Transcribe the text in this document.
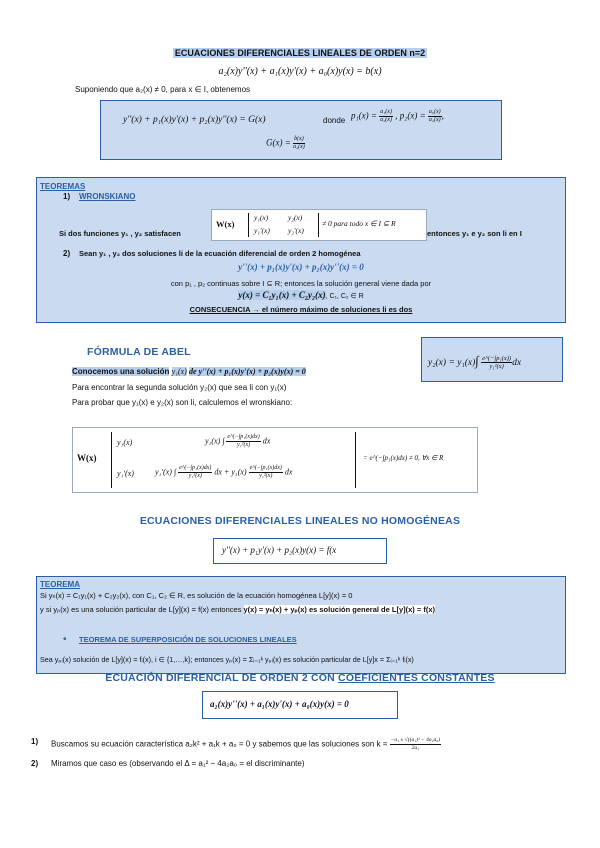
ECUACIONES DIFERENCIALES LINEALES DE ORDEN n=2
a₂(x)y''(x) + a₁(x)y'(x) + a₀(x)y(x) = b(x)
Suponiendo que a₂(x) ≠ 0, para x ∈ I, obtenemos
y''(x) + p₁(x)y'(x) + p₂(x)y''(x) = G(x)	donde $p_1(x) = \frac{\text{a₁(x)}}{\text{a₂(x)}}$ , $p_2(x) = \frac{\text{a₀(x)}}{\text{a₂(x)}}$ ,
$G(x) = \frac{b(x)}{\text{a₂(x)}}$
TEOREMAS
1) WRONSKIANO
Si dos funciones y₁ , y₂ satisfacen
W(x)
y₁(x)	y₂(x)
y₁'(x) y₂'(x)
≠ 0 para todo x ∈ I ⊆ R
entonces y₁ e y₂ son li en I
2) Sean y₁ , y₂ dos soluciones li de la ecuación diferencial de orden 2 homogénea
y''(x) + p₁(x)y'(x) + p₂(x)y''(x) = 0
con p₁ , p₂ continuas sobre I ⊆ R; entonces la solución general viene dada por
y(x) = C₁y₁(x) + C₂y₂(x), C₁, C₂ ∈ R
CONSECUENCIA → el número máximo de soluciones li es dos
FÓRMULA DE ABEL
Conocemos una solución y₁(x) de y''(x) + p₁(x)y'(x) + p₂(x)y(x) = 0
Para encontrar la segunda solución y₂(x) que sea li con y₁(x)
Para probar que y₁(x) e y₂(x) son li, calculemos el wronskiano:
$y_2(x) = y_1(x)\int \frac{\text{e\textasciicircum{}(−∫p₁(x))}}{\text{y₁²(x)}}$ dx
W(x)
y₁(x)	y₁(x) ∫ $\frac{\text{e\textasciicircum{}(−∫p₁(x)dx)}}{\text{y₁²(x)}}$ dx
y₁'(x)	y₁'(x) ∫ $\frac{\text{e\textasciicircum{}(−∫p₁(x)dx)}}{\text{y₁²(x)}}$ dx + $y_1(x) \frac{\text{e\textasciicircum{}(−∫p₁(x)dx)}}{\text{y₁²(x)}}$ dx
= e^(−∫p₁(x)dx) ≠ 0, ∀x ∈ R
ECUACIONES DIFERENCIALES LINEALES NO HOMOGÉNEAS
y''(x) + p₁y'(x) + p₂(x)y(x) = f(x
TEOREMA
Si yₕ(x) = C₁y₁(x) + C₂y₂(x), con C₁, C₂ ∈ R, es solución de la ecuación homogénea L[y](x) = 0
y si yₚ(x) es una solución particular de L[y](x) = f(x) entonces y(x) = yₕ(x) + yₚ(x) es solución general de L[y](x) = f(x)
• TEOREMA DE SUPERPOSICIÓN DE SOLUCIONES LINEALES
Sea yₚᵢ(x) solución de L[y](x) = fᵢ(x), i ∈ {1,…,k}; entonces yₚ(x) = Σᵢ₌₁ᵏ yₚᵢ(x) es solución particular de L[y]x = Σᵢ₌₁ᵏ fᵢ(x)
ECUACIÓN DIFERENCIAL DE ORDEN 2 CON COEFICIENTES CONSTANTES
a₂(x)y''(x) + a₁(x)y'(x) + a₀(x)y(x) = 0
1) Buscamos su ecuación característica a₂k² + a₁k + a₀ = 0 y sabemos que las soluciones son $k = \frac{\text{−a₁ ± √((a₁)² − 4a₂a₀)}}{\text{2a₂}}$
2) Miramos que caso es (observando el Δ = a₁² − 4a₂a₀ = el discriminante)
